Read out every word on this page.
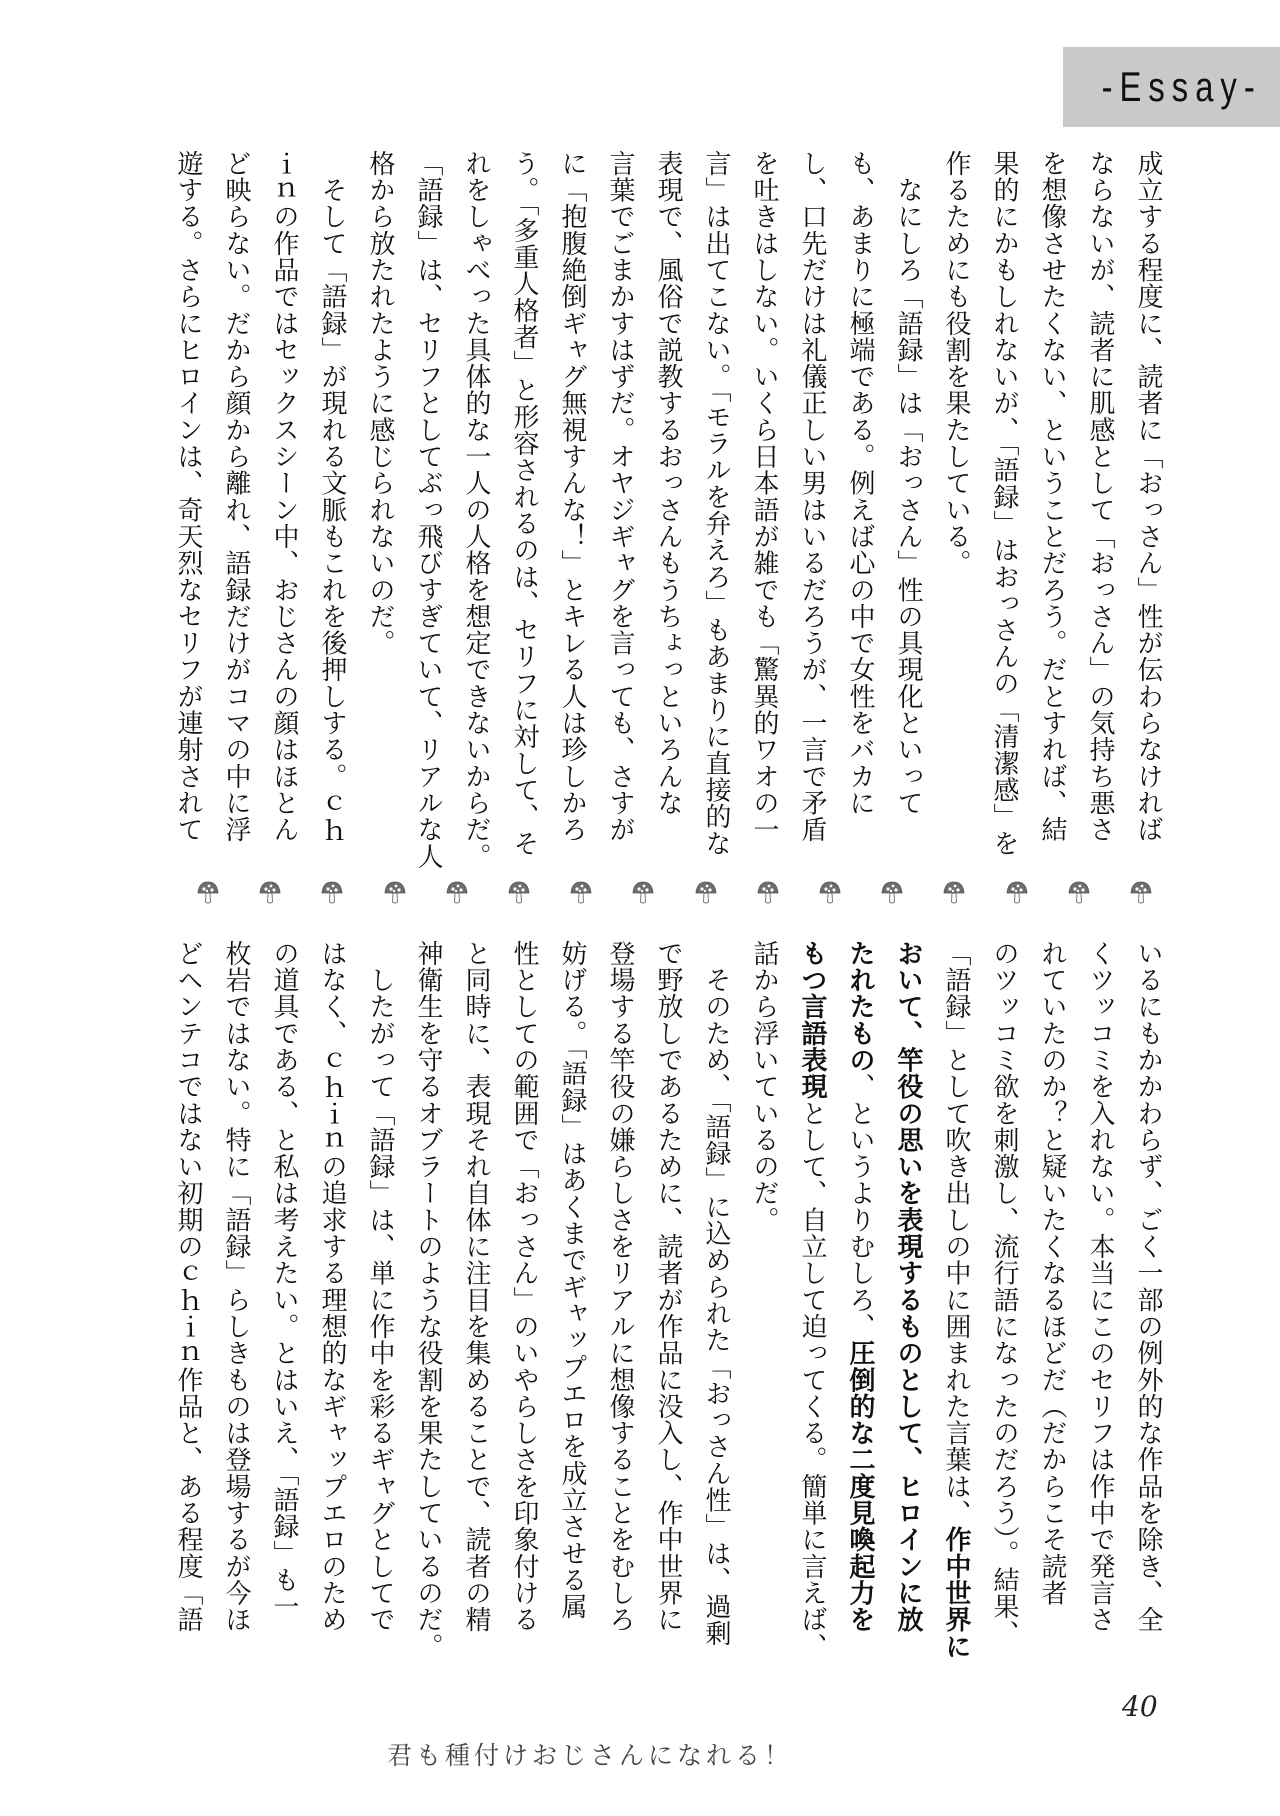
-Essay-
成立する程度に、読者に「おっさん」性が伝わらなければ
ならないが、読者に肌感として「おっさん」の気持ち悪さ
を想像させたくない、ということだろう。だとすれば、結
果的にかもしれないが、「語録」はおっさんの「清潔感」を
作るためにも役割を果たしている。
　なにしろ「語録」は「おっさん」性の具現化といって
も、あまりに極端である。例えば心の中で女性をバカに
し、口先だけは礼儀正しい男はいるだろうが、一言で矛盾
を吐きはしない。いくら日本語が雑でも「驚異的ワオの一
言」は出てこない。「モラルを弁えろ」もあまりに直接的な
表現で、風俗で説教するおっさんもうちょっといろんな
言葉でごまかすはずだ。オヤジギャグを言っても、さすが
に「抱腹絶倒ギャグ無視すんな！」とキレる人は珍しかろ
う。「多重人格者」と形容されるのは、セリフに対して、そ
れをしゃべった具体的な一人の人格を想定できないからだ。
「語録」は、セリフとしてぶっ飛びすぎていて、リアルな人
格から放たれたように感じられないのだ。
　そして「語録」が現れる文脈もこれを後押しする。ｃｈ
ｉｎの作品ではセックスシーン中、おじさんの顔はほとん
ど映らない。だから顔から離れ、語録だけがコマの中に浮
遊する。さらにヒロインは、奇天烈なセリフが連射されて
いるにもかかわらず、ごく一部の例外的な作品を除き、全
くツッコミを入れない。本当にこのセリフは作中で発言さ
れていたのか？と疑いたくなるほどだ（だからこそ読者
のツッコミ欲を刺激し、流行語になったのだろう）。結果、
「語録」として吹き出しの中に囲まれた言葉は、作中世界に
おいて、竿役の思いを表現するものとして、ヒロインに放
たれたもの、というよりむしろ、圧倒的な二度見喚起力を
もつ言語表現として、自立して迫ってくる。簡単に言えば、
話から浮いているのだ。
　そのため、「語録」に込められた「おっさん性」は、過剰
で野放しであるために、読者が作品に没入し、作中世界に
登場する竿役の嫌らしさをリアルに想像することをむしろ
妨げる。「語録」はあくまでギャップエロを成立させる属
性としての範囲で「おっさん」のいやらしさを印象付ける
と同時に、表現それ自体に注目を集めることで、読者の精
神衛生を守るオブラートのような役割を果たしているのだ。
　したがって「語録」は、単に作中を彩るギャグとしてで
はなく、ｃｈｉｎの追求する理想的なギャップエロのため
の道具である、と私は考えたい。とはいえ、「語録」も一
枚岩ではない。特に「語録」らしきものは登場するが今ほ
どヘンテコではない初期のｃｈｉｎ作品と、ある程度「語
40
君も種付けおじさんになれる！
